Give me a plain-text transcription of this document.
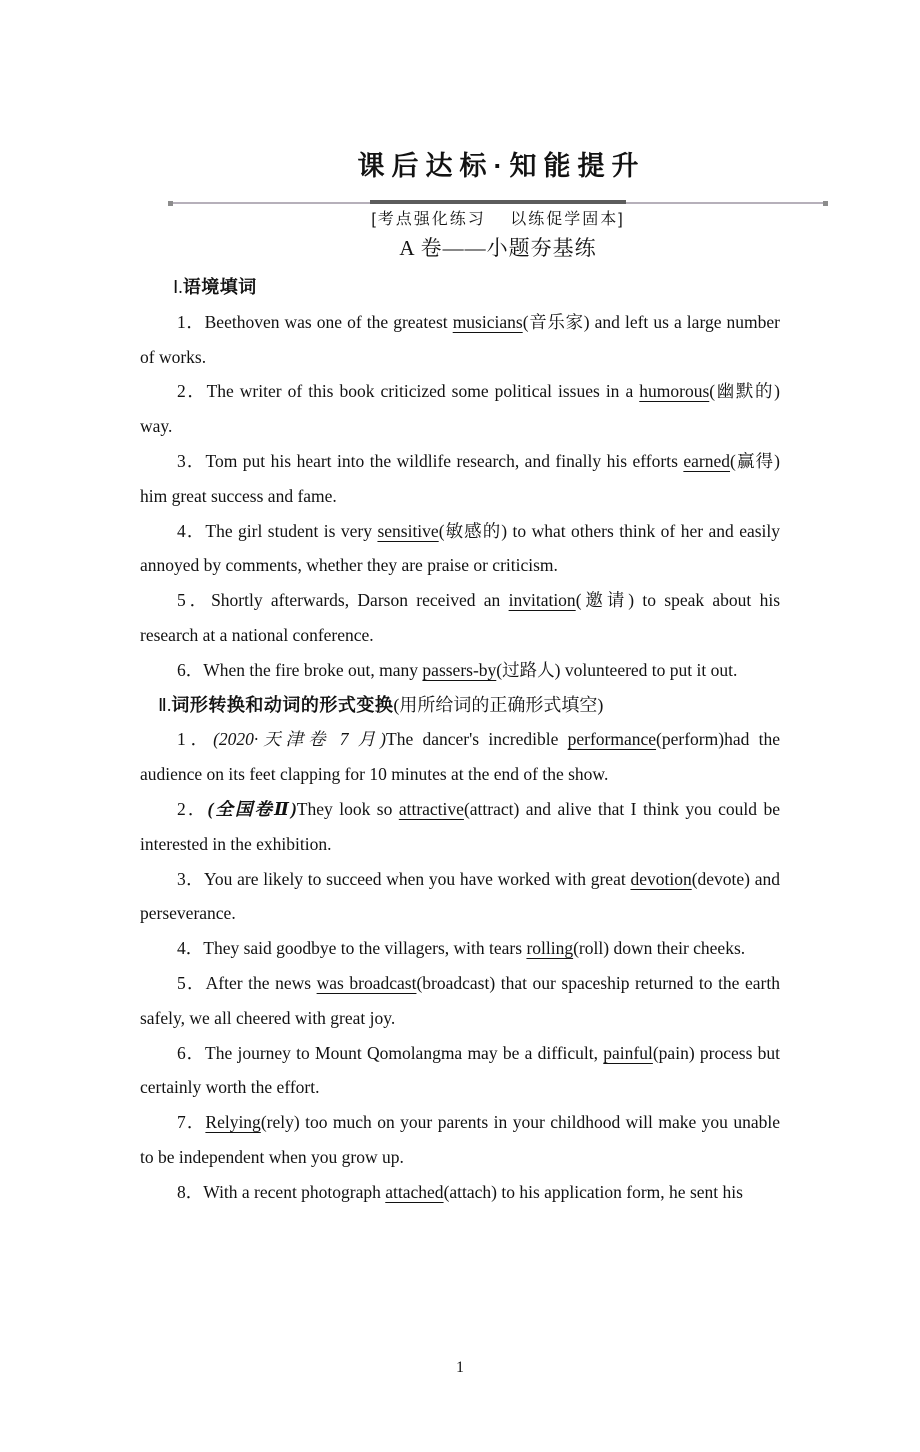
课后达标·知能提升
[考点强化练习　 以练促学固本]
A 卷——小题夯基练
Ⅰ.语境填词

1．Beethoven was one of the greatest musicians(音乐家) and left us a large number of works.

2．The writer of this book criticized some political issues in a humorous(幽默的) way.

3．Tom put his heart into the wildlife research, and finally his efforts earned(赢得) him great success and fame.

4．The girl student is very sensitive(敏感的) to what others think of her and easily annoyed by comments, whether they are praise or criticism.

5．Shortly afterwards, Darson received an invitation(邀请) to speak about his research at a national conference.

6．When the fire broke out, many passers-by(过路人) volunteered to put it out.

Ⅱ.词形转换和动词的形式变换(用所给词的正确形式填空)

1．(2020·天津卷 7 月)The dancer's incredible performance(perform)had the audience on its feet clapping for 10 minutes at the end of the show.

2．(全国卷Ⅱ)They look so attractive(attract) and alive that I think you could be interested in the exhibition.

3．You are likely to succeed when you have worked with great devotion(devote) and perseverance.

4．They said goodbye to the villagers, with tears rolling(roll) down their cheeks.

5．After the news was broadcast(broadcast) that our spaceship returned to the earth safely, we all cheered with great joy.

6．The journey to Mount Qomolangma may be a difficult, painful(pain) process but certainly worth the effort.

7．Relying(rely) too much on your parents in your childhood will make you unable to be independent when you grow up.

8．With a recent photograph attached(attach) to his application form, he sent his

1
